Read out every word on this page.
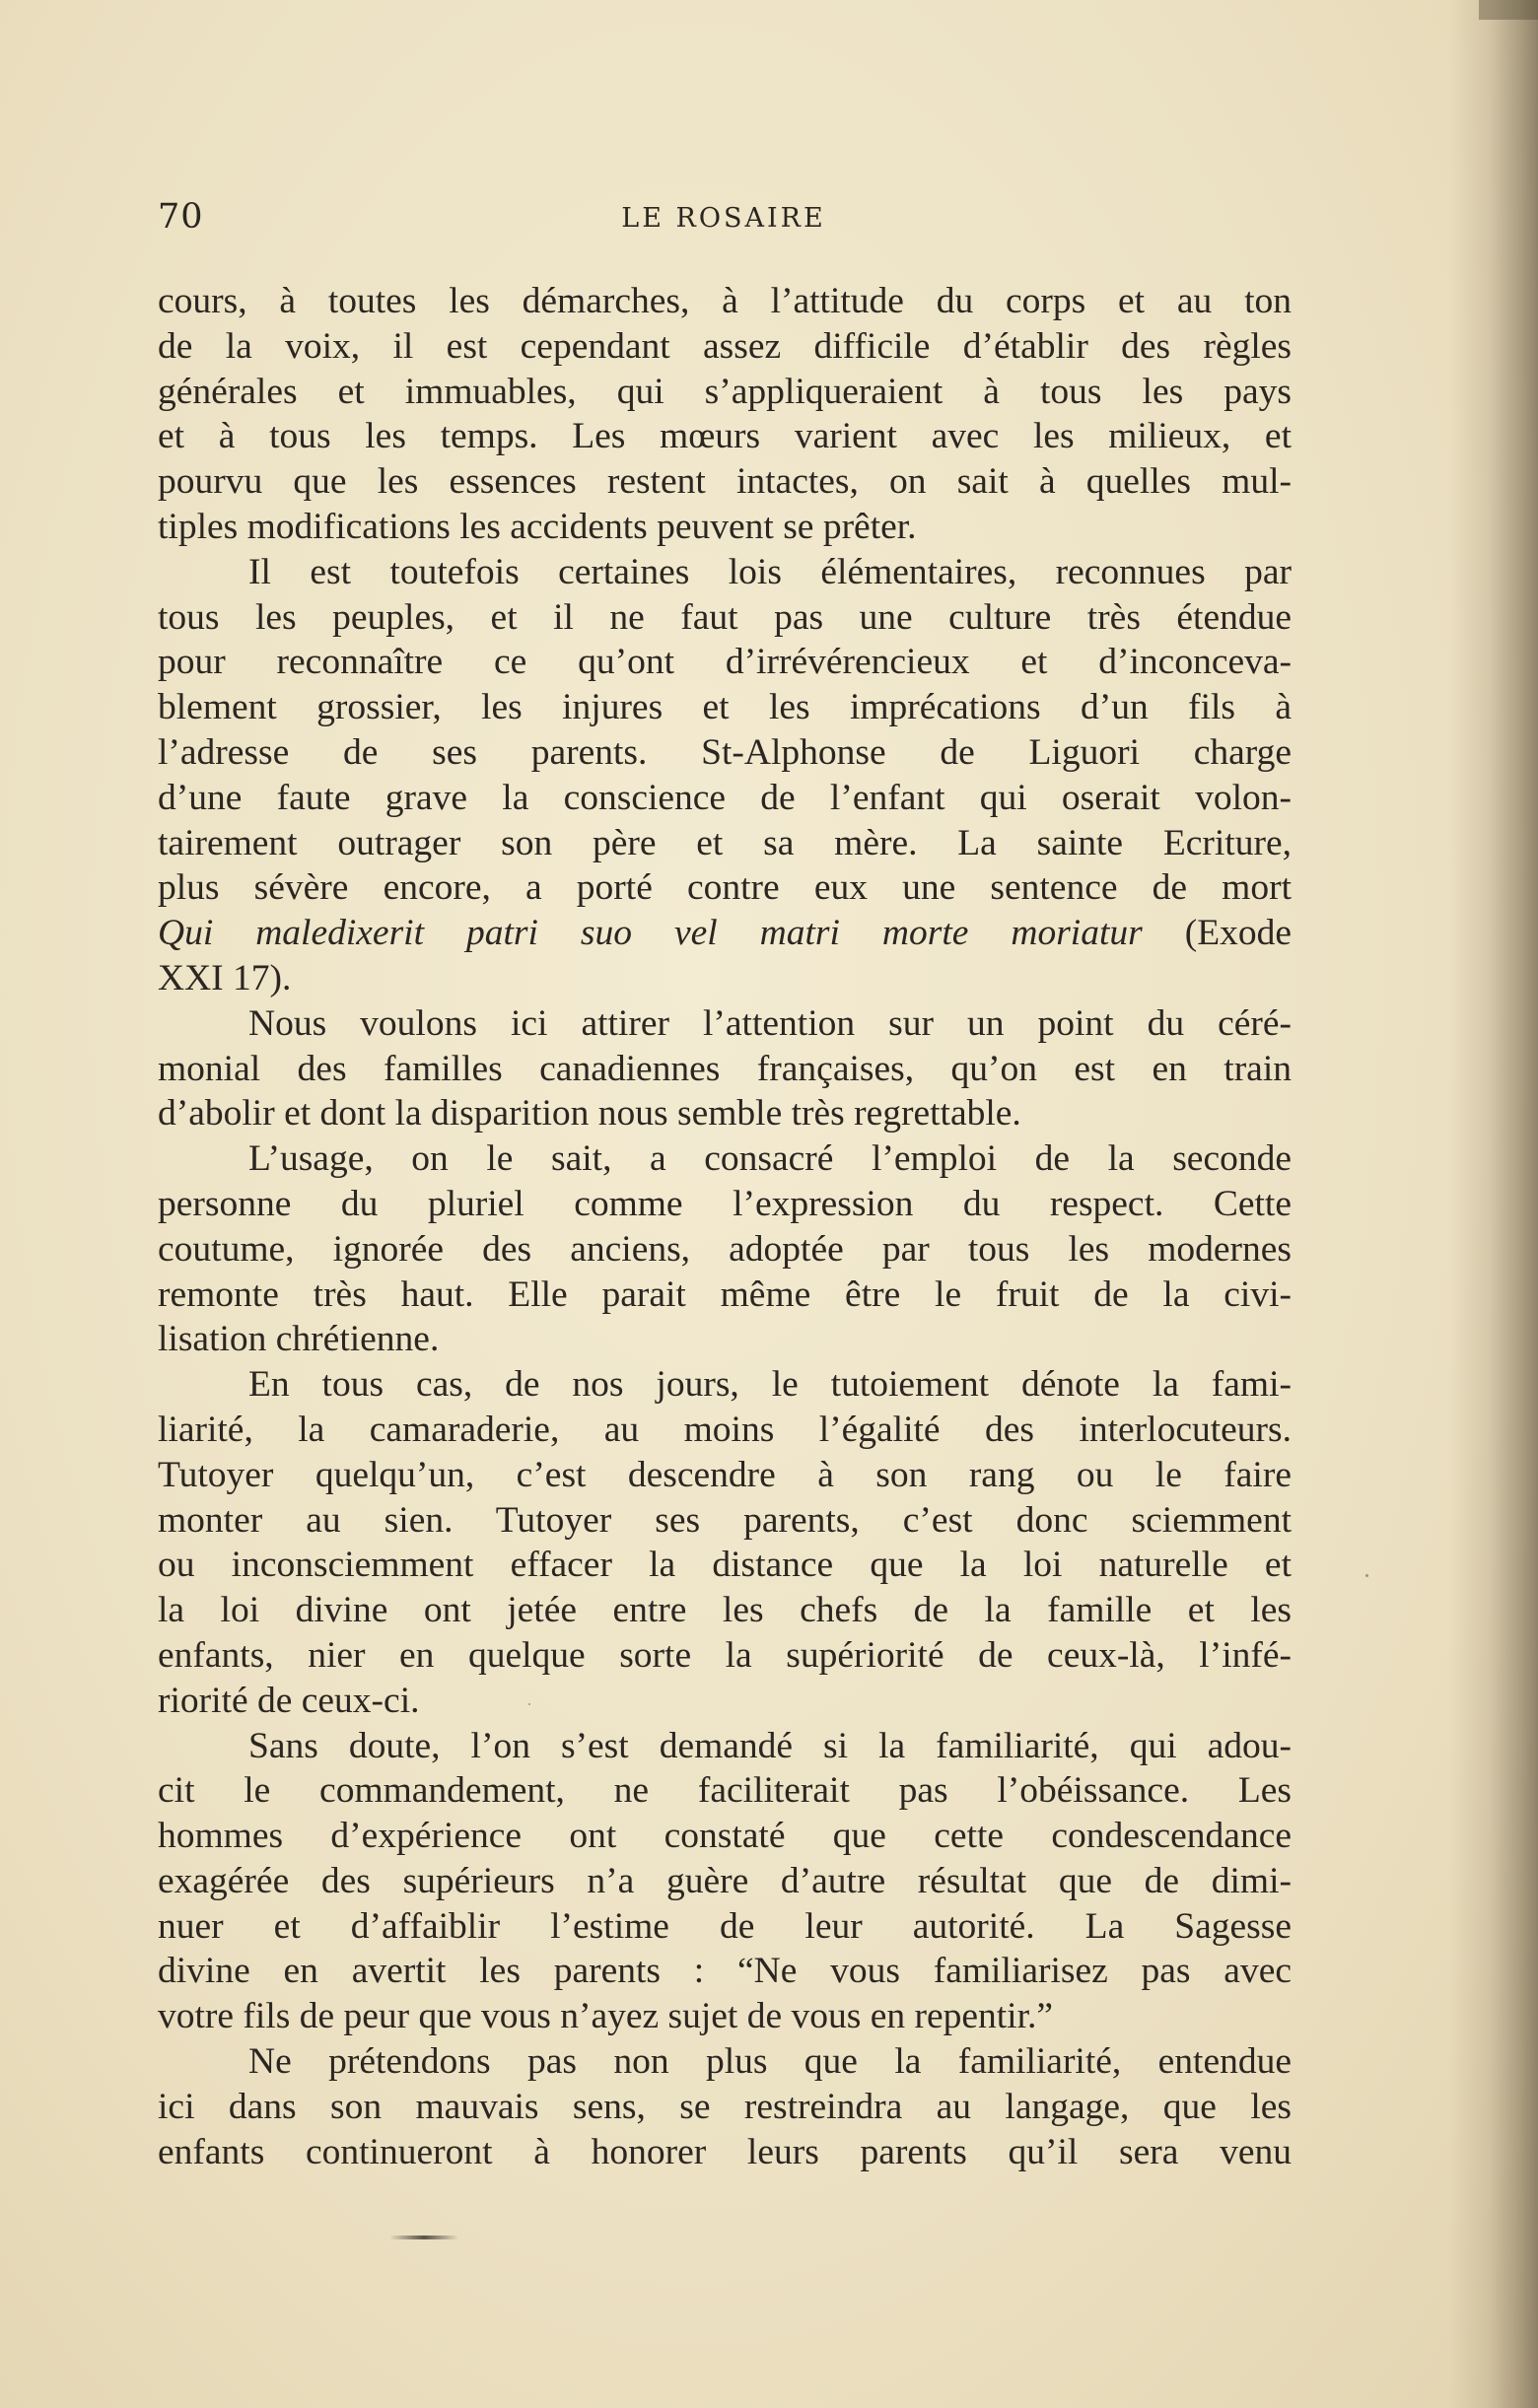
70	LE ROSAIRE
cours, à toutes les démarches, à l’attitude du corps et au ton
de la voix, il est cependant assez difficile d’établir des règles
générales et immuables, qui s’appliqueraient à tous les pays
et à tous les temps. Les mœurs varient avec les milieux, et
pourvu que les essences restent intactes, on sait à quelles mul-
tiples modifications les accidents peuvent se prêter.
Il est toutefois certaines lois élémentaires, reconnues par
tous les peuples, et il ne faut pas une culture très étendue
pour reconnaître ce qu’ont d’irrévérencieux et d’inconceva-
blement grossier, les injures et les imprécations d’un fils à
l’adresse de ses parents. St-Alphonse de Liguori charge
d’une faute grave la conscience de l’enfant qui oserait volon-
tairement outrager son père et sa mère. La sainte Ecriture,
plus sévère encore, a porté contre eux une sentence de mort
Qui maledixerit patri suo vel matri morte moriatur (Exode
XXI 17).
Nous voulons ici attirer l’attention sur un point du céré-
monial des familles canadiennes françaises, qu’on est en train
d’abolir et dont la disparition nous semble très regrettable.
L’usage, on le sait, a consacré l’emploi de la seconde
personne du pluriel comme l’expression du respect. Cette
coutume, ignorée des anciens, adoptée par tous les modernes
remonte très haut. Elle parait même être le fruit de la civi-
lisation chrétienne.
En tous cas, de nos jours, le tutoiement dénote la fami-
liarité, la camaraderie, au moins l’égalité des interlocuteurs.
Tutoyer quelqu’un, c’est descendre à son rang ou le faire
monter au sien. Tutoyer ses parents, c’est donc sciemment
ou inconsciemment effacer la distance que la loi naturelle et
la loi divine ont jetée entre les chefs de la famille et les
enfants, nier en quelque sorte la supériorité de ceux-là, l’infé-
riorité de ceux-ci.
Sans doute, l’on s’est demandé si la familiarité, qui adou-
cit le commandement, ne faciliterait pas l’obéissance. Les
hommes d’expérience ont constaté que cette condescendance
exagérée des supérieurs n’a guère d’autre résultat que de dimi-
nuer et d’affaiblir l’estime de leur autorité. La Sagesse
divine en avertit les parents : “Ne vous familiarisez pas avec
votre fils de peur que vous n’ayez sujet de vous en repentir.”
Ne prétendons pas non plus que la familiarité, entendue
ici dans son mauvais sens, se restreindra au langage, que les
enfants continueront à honorer leurs parents qu’il sera venu
